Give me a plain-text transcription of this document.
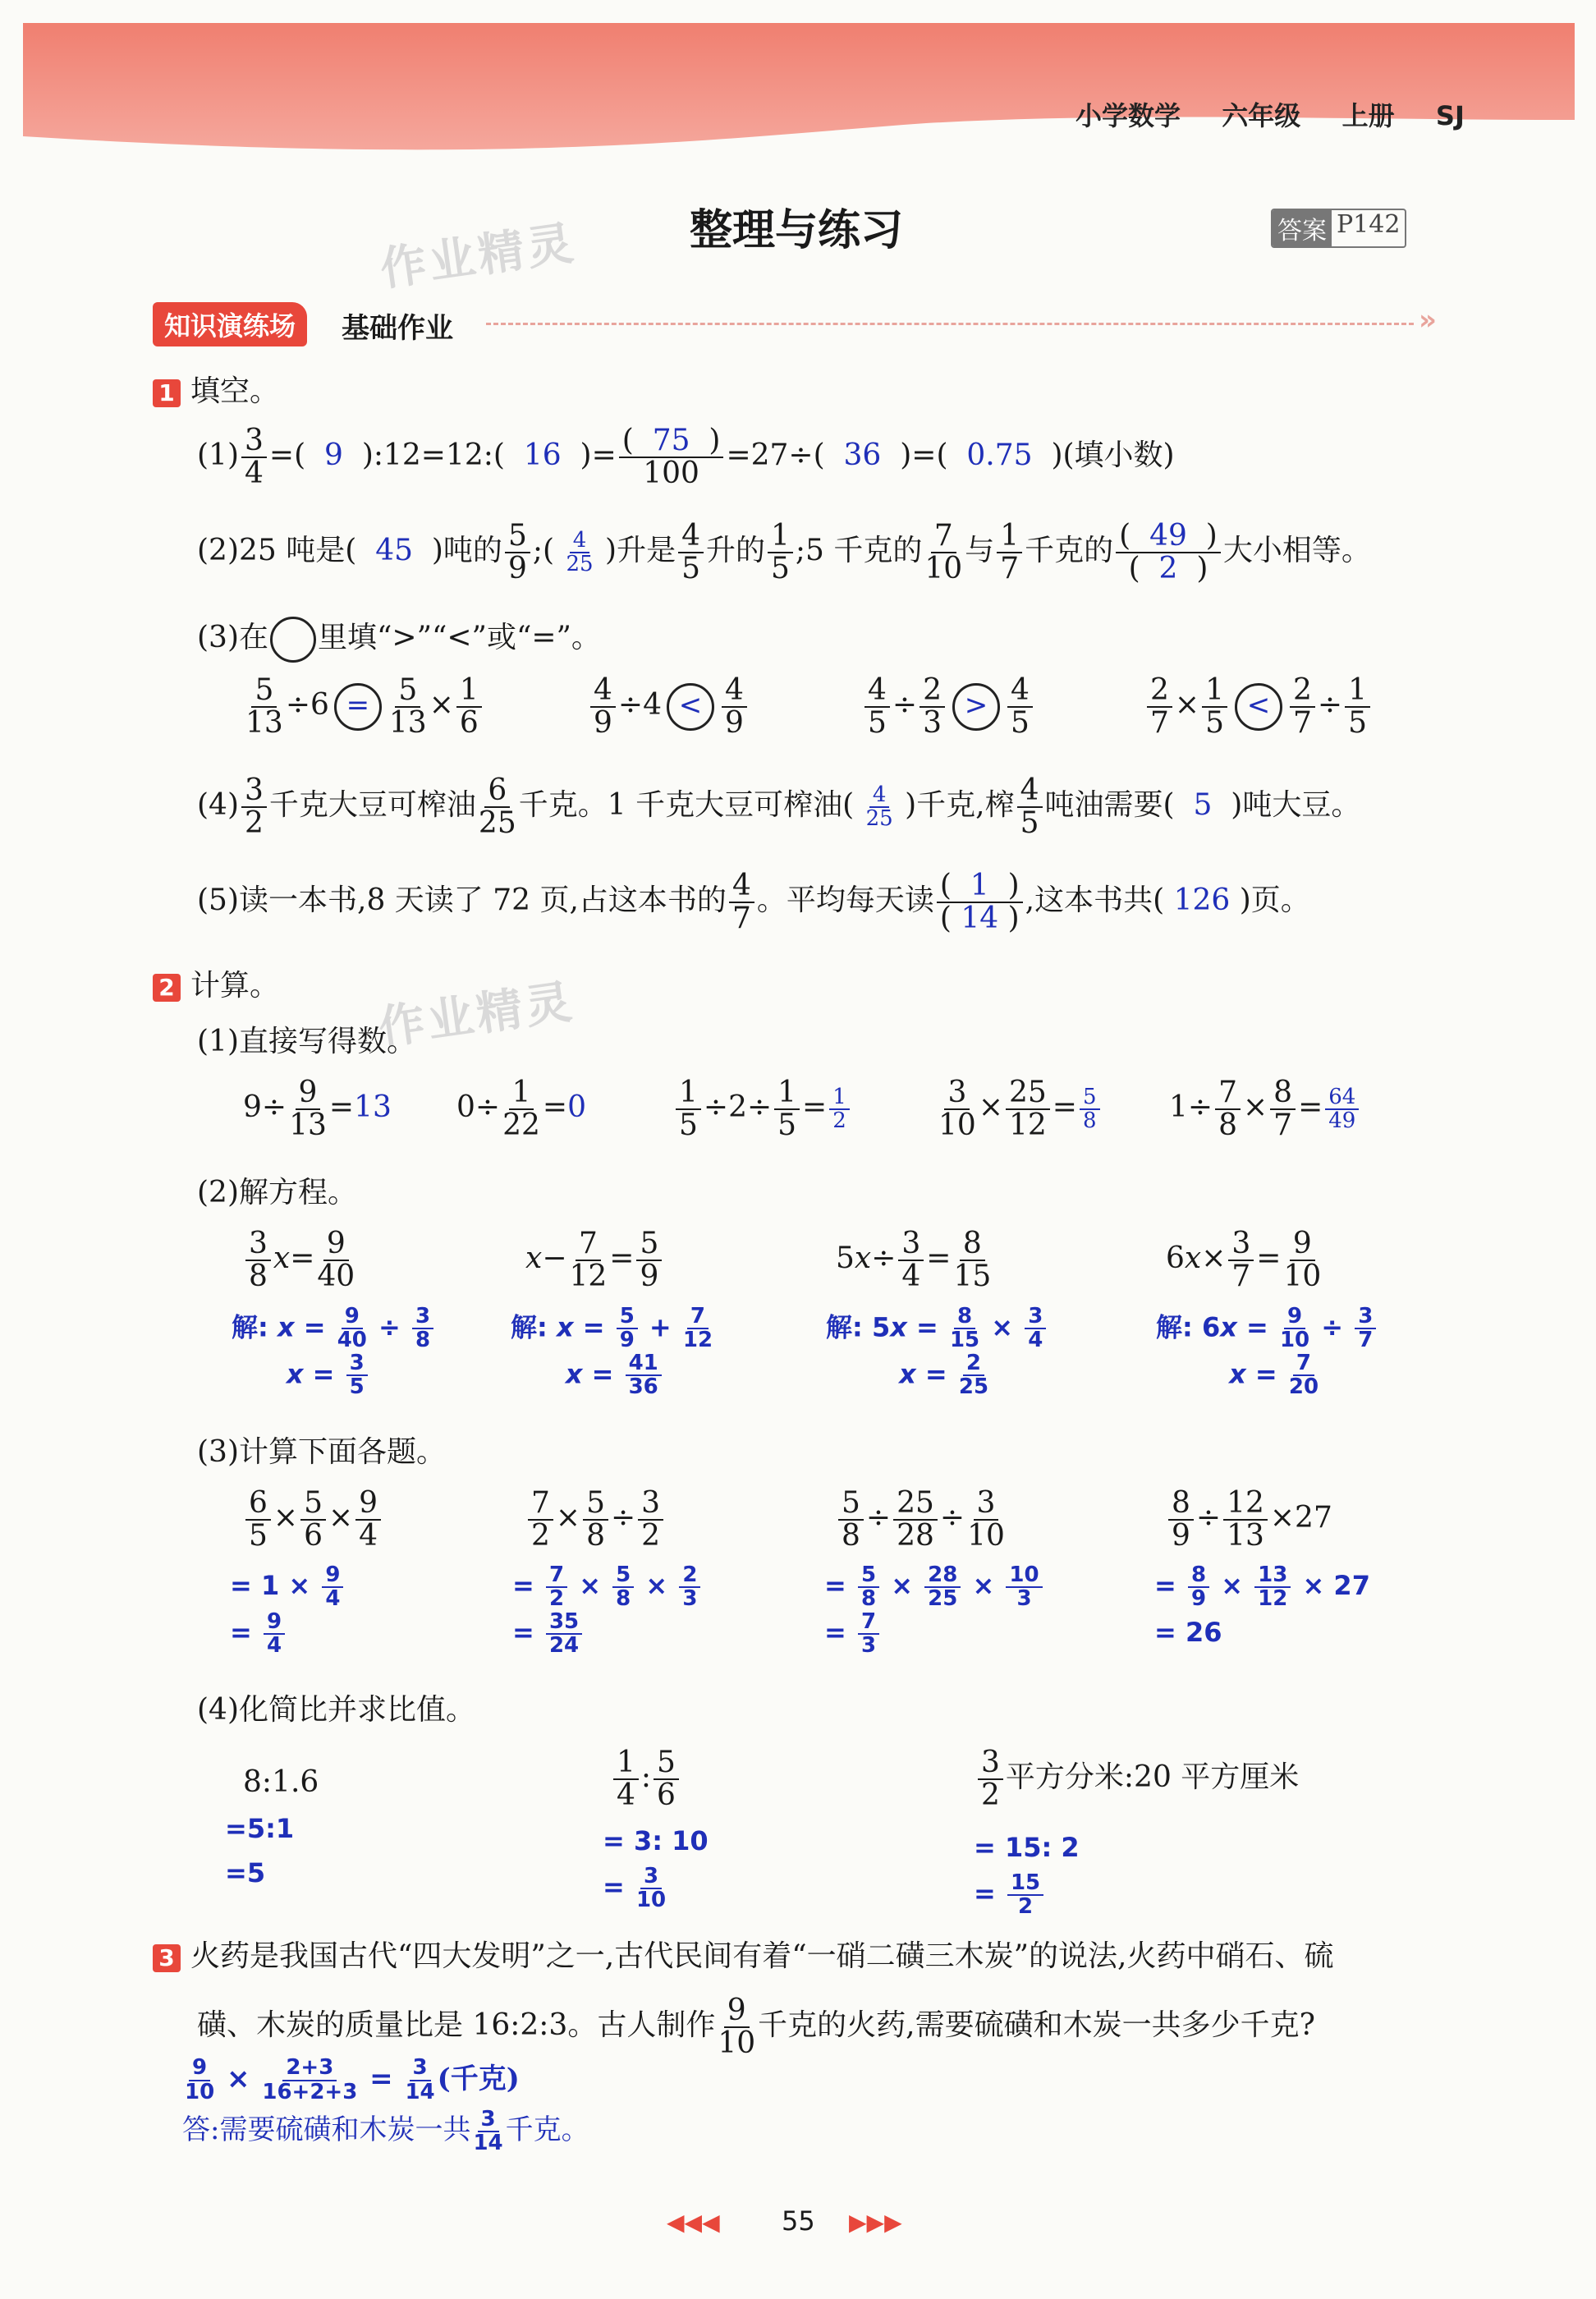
小学数学 六年级 上册 SJ
整理与练习	答案 P142
作业精灵
作业精灵
知识演练场	基础作业	»
1 填空。
$(1) \frac{3}{4}$ =(  9 ):12=12:( 16  )= $\frac{( 75 )}{100} =27\div$( 36 )=( 0.75 )(填小数)
(2)25 吨是( 45 )吨的 $\frac{5}{9}$ ;( $\frac{4}{25}$ )升是 $\frac{4}{5}$ 升的 $\frac{1}{5}$ ;5 千克的 $\frac{7}{10}$ 与 $\frac{1}{7}$ 千克的 $\frac{( 49 )}{( 2 )}$ 大小相等。
(3)在 里填“>”“<”或“=”。
$\frac{5}{13} \div 6 = \frac{5}{13} \times \frac{1}{6}$	$\frac{4}{9} \div 4 < \frac{4}{9}$	$\frac{4}{5} \div \frac{2}{3} > \frac{4}{5}$	$\frac{2}{7} \times \frac{1}{5} < \frac{2}{7} \div \frac{1}{5}$
$(4) \frac{3}{2}$ 千克大豆可榨油 $\frac{6}{25}$ 千克。1 千克大豆可榨油( $\frac{4}{25}$ )千克,榨 $\frac{4}{5}$ 吨油需要( 5 )吨大豆。
(5)读一本书,8 天读了 72 页,占这本书的 $\frac{4}{7}$ 。平均每天读 $\frac{( 1 )}{( 14 )}$ ,这本书共( 126 )页。
2 计算。
(1)直接写得数。
$9\div \frac{9}{13} =13$ $0\div \frac{1}{22} =0$	$\frac{1}{5} \div 2\div \frac{1}{5} = \frac{1}{2}$	$\frac{3}{10} \times \frac{25}{12} = \frac{5}{8} 1\div \frac{7}{8} \times \frac{8}{7} = \frac{64}{49}$
(2)解方程。
$\frac{3}{8} x= \frac{9}{40}$
解: $x = \frac{9}{40} \div \frac{3}{8}$

$x = \frac{3}{5}$
$x- \frac{7}{12} = \frac{5}{9}$
解: $x = \frac{5}{9} + \frac{7}{12}$

$x = \frac{41}{36}$
$5x\div \frac{3}{4} = \frac{8}{15}$
解: $5x = \frac{8}{15} \times \frac{3}{4}$

$x = \frac{2}{25}$
$6x\times \frac{3}{7} = \frac{9}{10}$
解: $6x = \frac{9}{10} \div \frac{3}{7}$

$x = \frac{7}{20}$
(3)计算下面各题。
$\frac{6}{5} \times \frac{5}{6} \times \frac{9}{4}$
= $1 \times \frac{9}{4}$

= $\frac{9}{4}$
$\frac{7}{2} \times \frac{5}{8} \div \frac{3}{2}$
= $\frac{7}{2} \times \frac{5}{8} \times \frac{2}{3}$

= $\frac{35}{24}$
$\frac{5}{8} \div \frac{25}{28} \div \frac{3}{10}$
= $\frac{5}{8} \times \frac{28}{25} \times \frac{10}{3}$

= $\frac{7}{3}$
$\frac{8}{9} \div \frac{12}{13} \times 27$
= $\frac{8}{9} \times \frac{13}{12} \times 27$
= 26
(4)化简比并求比值。
8:1.6
=5:1
=5
$\frac{1}{4}$ : $\frac{5}{6}$
= 3: 10
= $\frac{3}{10}$
$\frac{3}{2}$ 平方分米:20 平方厘米
= 15: 2
= $\frac{15}{2}$
3 火药是我国古代“四大发明”之一,古代民间有着“一硝二磺三木炭”的说法,火药中硝石、硫
磺、木炭的质量比是 16:2:3。古人制作 $\frac{9}{10}$ 千克的火药,需要硫磺和木炭一共多少千克?
$\frac{9}{10} \times \frac{2+3}{16+2+3} = \frac{3}{14}$ (千克)
答:需要硫磺和木炭一共 $\frac{3}{14}$ 千克。
◀◀◀ 55 ▶▶▶
